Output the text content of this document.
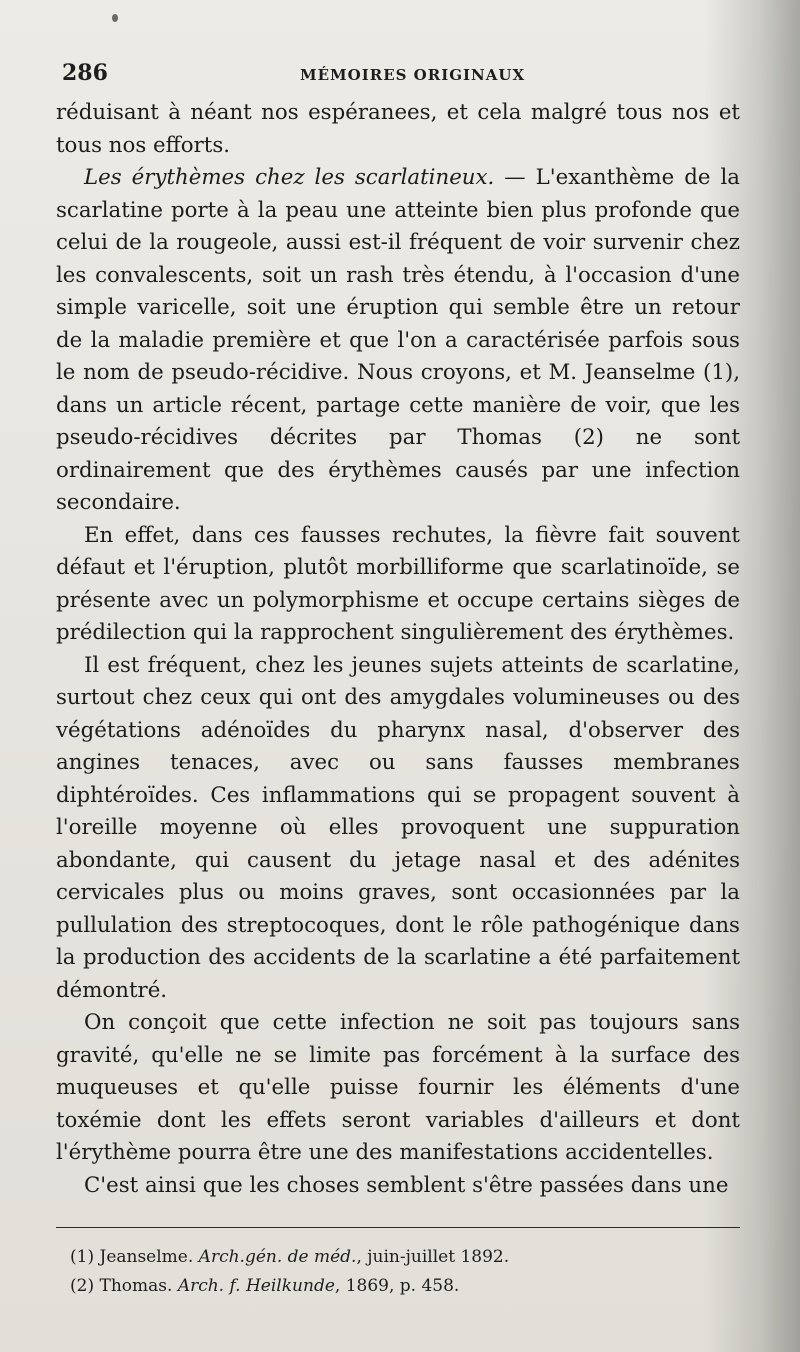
286	MÉMOIRES ORIGINAUX

réduisant à néant nos espéranees, et cela malgré tous nos et tous nos efforts.

Les érythèmes chez les scarlatineux. — L'exanthème de la scarlatine porte à la peau une atteinte bien plus profonde que celui de la rougeole, aussi est-il fréquent de voir survenir chez les convalescents, soit un rash très étendu, à l'occasion d'une simple varicelle, soit une éruption qui semble être un retour de la maladie première et que l'on a caractérisée parfois sous le nom de pseudo-récidive. Nous croyons, et M. Jeanselme (1), dans un article récent, partage cette manière de voir, que les pseudo-récidives décrites par Thomas (2) ne sont ordinairement que des érythèmes causés par une infection secondaire.

En effet, dans ces fausses rechutes, la fièvre fait souvent défaut et l'éruption, plutôt morbilliforme que scarlatinoïde, se présente avec un polymorphisme et occupe certains sièges de prédilection qui la rapprochent singulièrement des érythèmes.

Il est fréquent, chez les jeunes sujets atteints de scarlatine, surtout chez ceux qui ont des amygdales volumineuses ou des végétations adénoïdes du pharynx nasal, d'observer des angines tenaces, avec ou sans fausses membranes diphtéroïdes. Ces inflammations qui se propagent souvent à l'oreille moyenne où elles provoquent une suppuration abondante, qui causent du jetage nasal et des adénites cervicales plus ou moins graves, sont occasionnées par la pullulation des streptocoques, dont le rôle pathogénique dans la production des accidents de la scarlatine a été parfaitement démontré.

On conçoit que cette infection ne soit pas toujours sans gravité, qu'elle ne se limite pas forcément à la surface des muqueuses et qu'elle puisse fournir les éléments d'une toxémie dont les effets seront variables d'ailleurs et dont l'érythème pourra être une des manifestations accidentelles.

C'est ainsi que les choses semblent s'être passées dans une

(1) Jeanselme. Arch.gén. de méd., juin-juillet 1892.
(2) Thomas. Arch. f. Heilkunde, 1869, p. 458.
